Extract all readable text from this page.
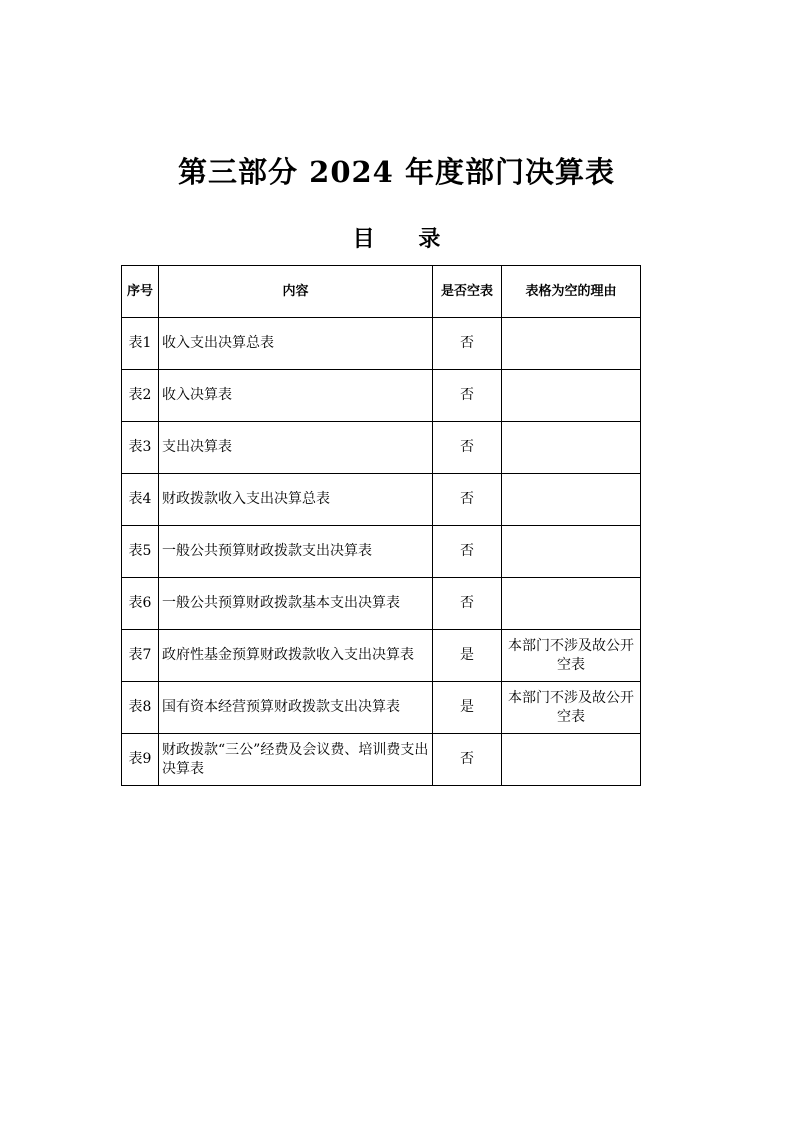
第三部分 2024 年度部门决算表
目 录
序号	内容	是否空表	表格为空的理由
表1	收入支出决算总表	否	
表2	收入决算表	否	
表3	支出决算表	否	
表4	财政拨款收入支出决算总表	否	
表5	一般公共预算财政拨款支出决算表	否	
表6	一般公共预算财政拨款基本支出决算表	否	
表7	政府性基金预算财政拨款收入支出决算表	是	本部门不涉及故公开空表
表8	国有资本经营预算财政拨款支出决算表	是	本部门不涉及故公开空表
表9	财政拨款“三公”经费及会议费、培训费支出决算表	否	
